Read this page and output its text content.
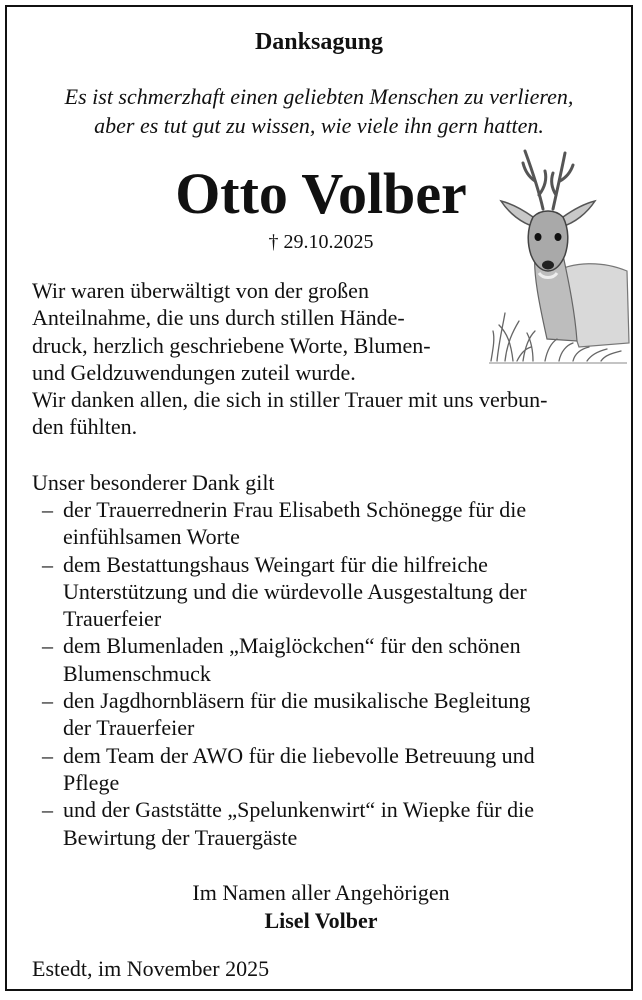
Danksagung
Es ist schmerzhaft einen geliebten Menschen zu verlieren,
aber es tut gut zu wissen, wie viele ihn gern hatten.
Otto Volber
† 29.10.2025
Wir waren überwältigt von der großen
Anteilnahme, die uns durch stillen Hände-
druck, herzlich geschriebene Worte, Blumen-
und Geldzuwendungen zuteil wurde.
Wir danken allen, die sich in stiller Trauer mit uns verbun-
den fühlten.
Unser besonderer Dank gilt
– der Trauerrednerin Frau Elisabeth Schönegge für die
einfühlsamen Worte
– dem Bestattungshaus Weingart für die hilfreiche
Unterstützung und die würdevolle Ausgestaltung der
Trauerfeier
– dem Blumenladen „Maiglöckchen“ für den schönen
Blumenschmuck
– den Jagdhornbläsern für die musikalische Begleitung
der Trauerfeier
– dem Team der AWO für die liebevolle Betreuung und
Pflege
– und der Gaststätte „Spelunkenwirt“ in Wiepke für die
Bewirtung der Trauergäste
Im Namen aller Angehörigen
Lisel Volber
Estedt, im November 2025
